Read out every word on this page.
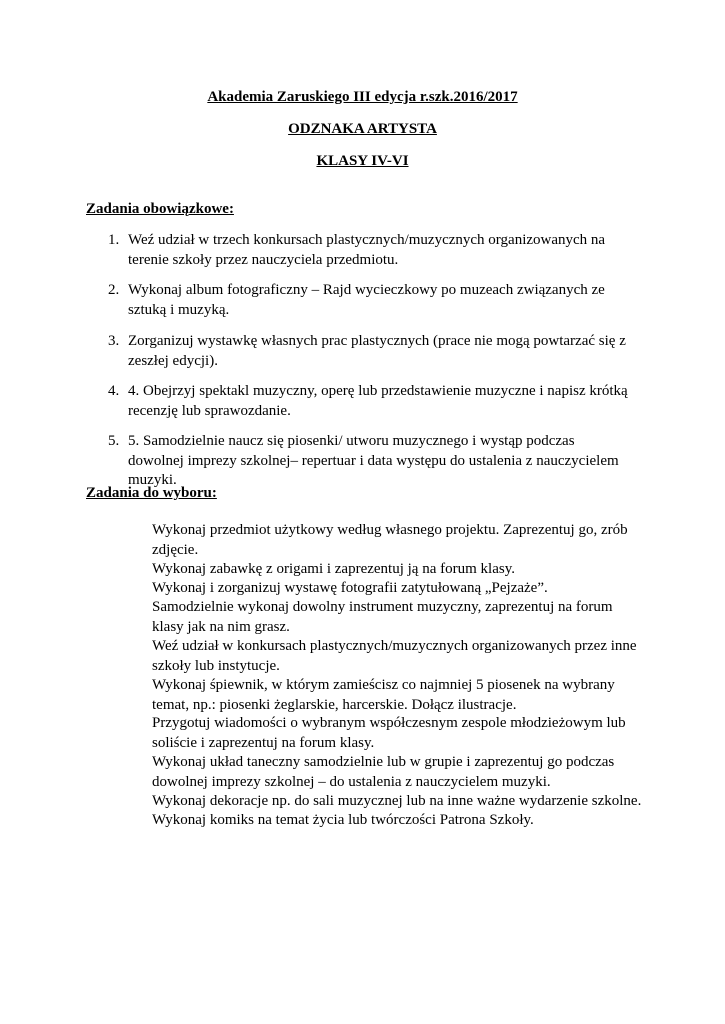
Akademia Zaruskiego III edycja r.szk.2016/2017
ODZNAKA ARTYSTA
KLASY IV-VI
Zadania obowiązkowe:
1. Weź udział w trzech konkursach plastycznych/muzycznych organizowanych na terenie szkoły przez nauczyciela przedmiotu.
2. Wykonaj album fotograficzny – Rajd wycieczkowy po muzeach związanych ze sztuką i muzyką.
3. Zorganizuj wystawkę własnych prac plastycznych (prace nie mogą powtarzać się z zeszłej edycji).
4. 4. Obejrzyj spektakl muzyczny, operę lub przedstawienie muzyczne i napisz krótką recenzję lub sprawozdanie.
5. 5. Samodzielnie naucz się piosenki/ utworu muzycznego i wystąp podczas dowolnej imprezy szkolnej– repertuar i data występu do ustalenia z nauczycielem muzyki.
Zadania do wyboru:
Wykonaj przedmiot użytkowy według własnego projektu. Zaprezentuj go, zrób zdjęcie.
Wykonaj zabawkę z origami i zaprezentuj ją na forum klasy.
Wykonaj i zorganizuj wystawę fotografii zatytułowaną „Pejzaże”.
Samodzielnie wykonaj dowolny instrument muzyczny, zaprezentuj na forum klasy jak na nim grasz.
Weź udział w konkursach plastycznych/muzycznych organizowanych przez inne szkoły lub instytucje.
Wykonaj śpiewnik, w którym zamieścisz co najmniej 5 piosenek na wybrany temat, np.: piosenki żeglarskie, harcerskie. Dołącz ilustracje.
Przygotuj wiadomości o wybranym współczesnym zespole młodzieżowym lub soliście i zaprezentuj na forum klasy.
Wykonaj układ taneczny samodzielnie lub w grupie i zaprezentuj go podczas dowolnej imprezy szkolnej – do ustalenia z nauczycielem muzyki.
Wykonaj dekoracje np. do sali muzycznej lub na inne ważne wydarzenie szkolne.
Wykonaj komiks na temat życia lub twórczości Patrona Szkoły.
